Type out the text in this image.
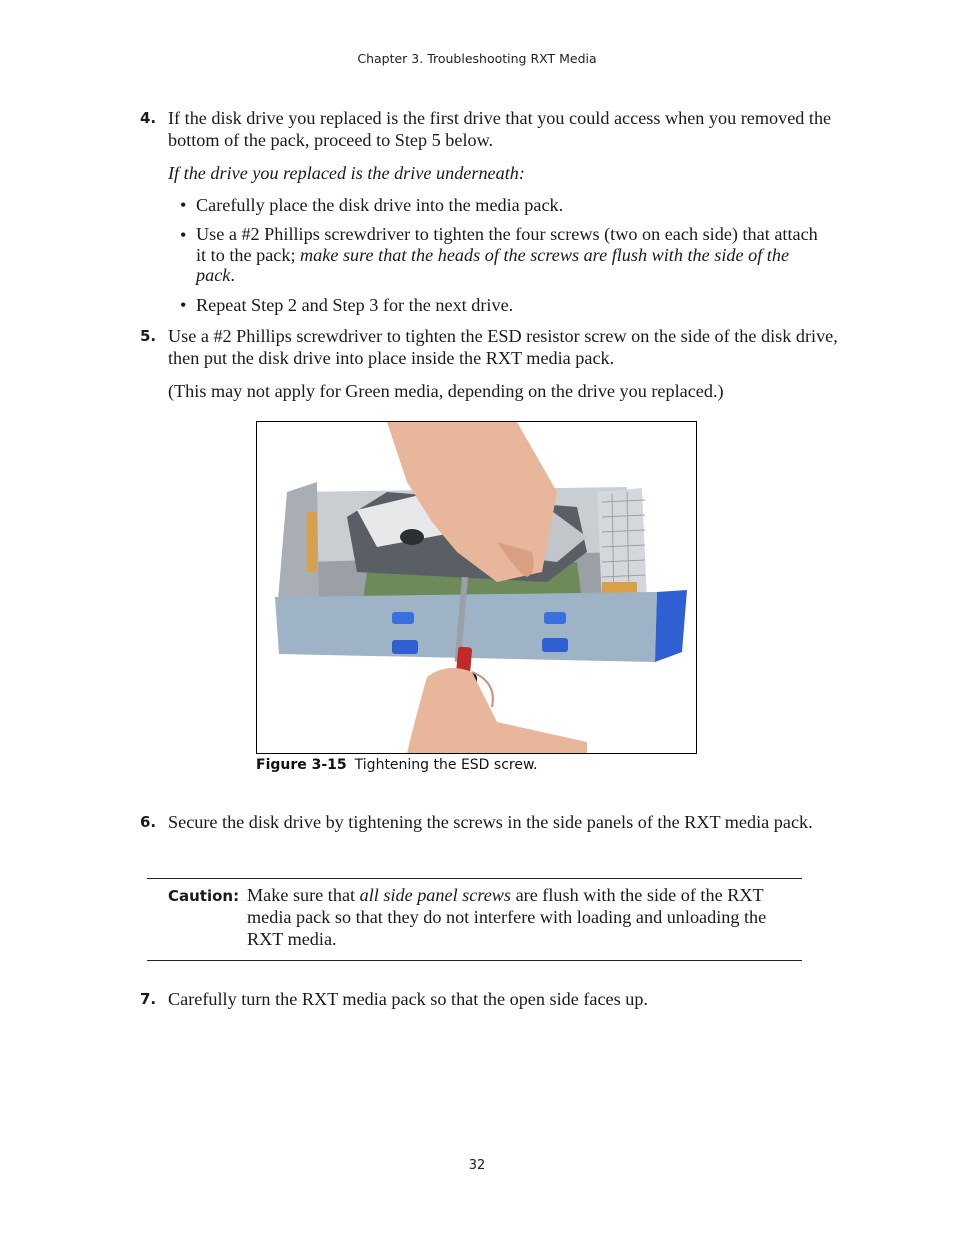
Chapter 3. Troubleshooting RXT Media
4. If the disk drive you replaced is the first drive that you could access when you removed the bottom of the pack, proceed to Step 5 below.
If the drive you replaced is the drive underneath:
• Carefully place the disk drive into the media pack.
• Use a #2 Phillips screwdriver to tighten the four screws (two on each side) that attach it to the pack; make sure that the heads of the screws are flush with the side of the pack.
• Repeat Step 2 and Step 3 for the next drive.
5. Use a #2 Phillips screwdriver to tighten the ESD resistor screw on the side of the disk drive, then put the disk drive into place inside the RXT media pack.
(This may not apply for Green media, depending on the drive you replaced.)
Figure 3-15 Tightening the ESD screw.
6. Secure the disk drive by tightening the screws in the side panels of the RXT media pack.
Caution: Make sure that all side panel screws are flush with the side of the RXT media pack so that they do not interfere with loading and unloading the RXT media.
7. Carefully turn the RXT media pack so that the open side faces up.
32
